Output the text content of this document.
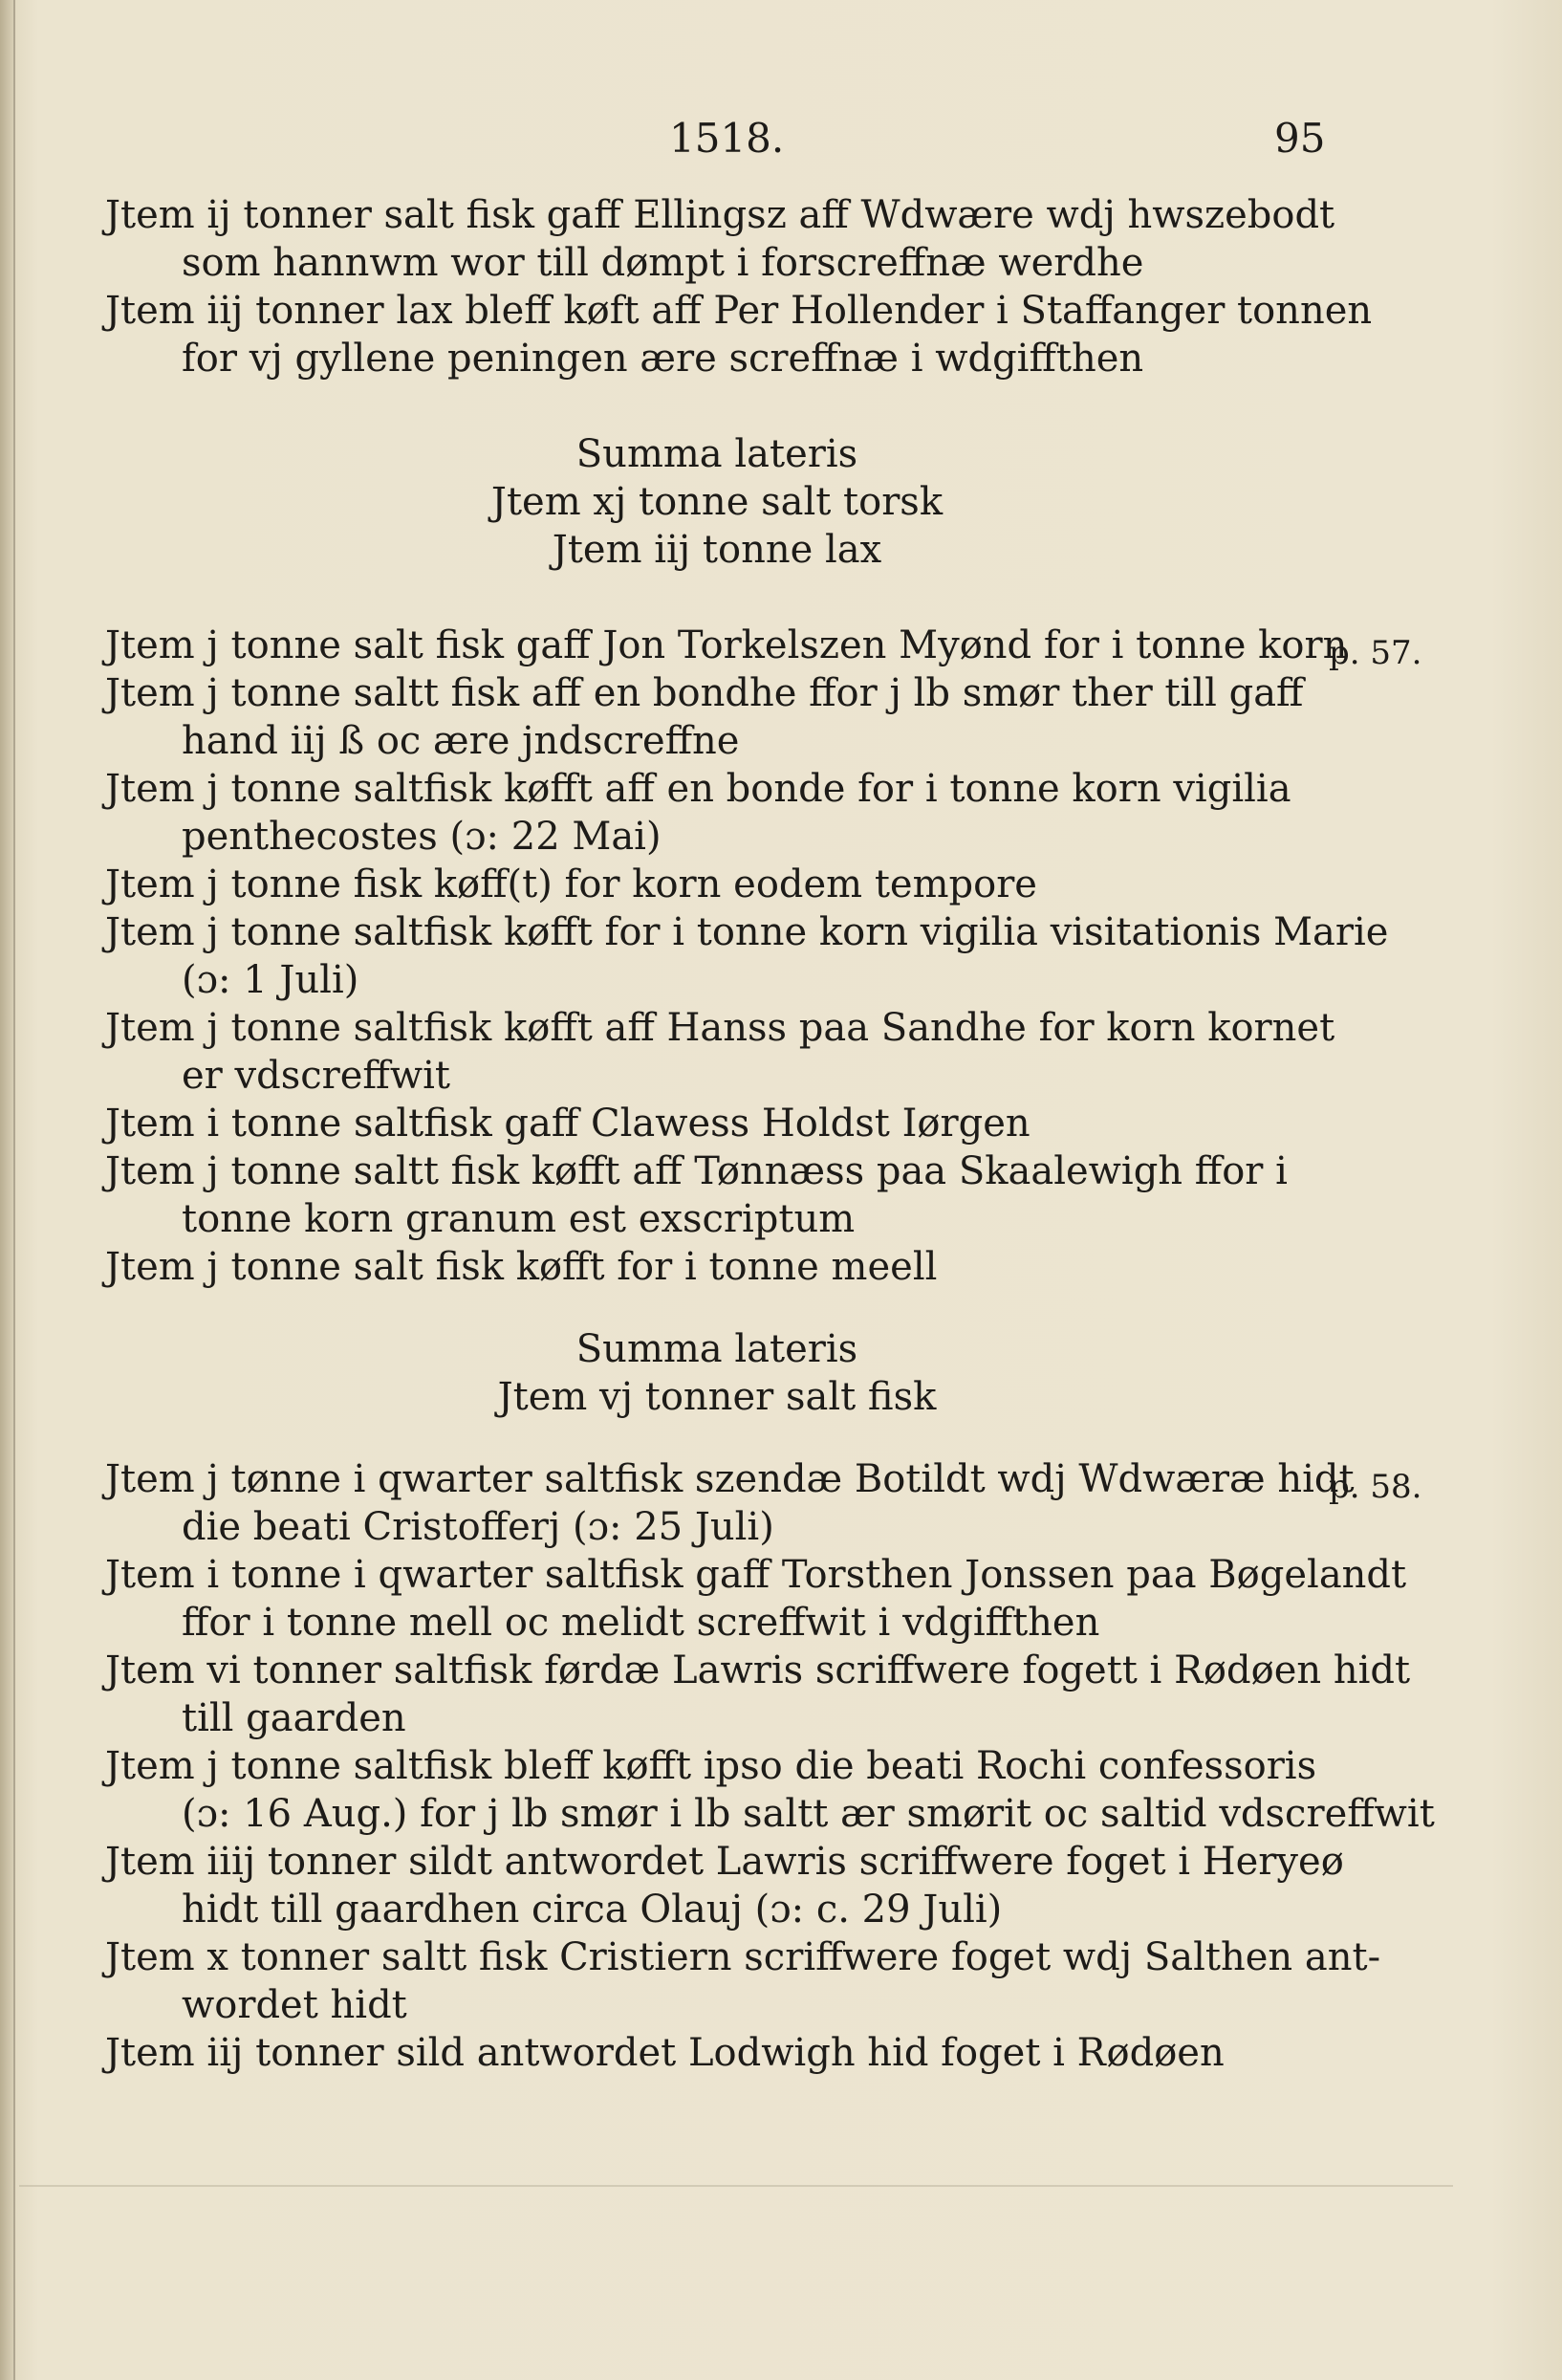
1518.	95
Jtem ij tonner salt fisk gaff Ellingsz aff Wdwære wdj hwszebodt
som hannwm wor till dømpt i forscreffnæ werdhe
Jtem iij tonner lax bleff køft aff Per Hollender i Staffanger tonnen
for vj gyllene peningen ære screffnæ i wdgiffthen
Summa lateris
Jtem xj tonne salt torsk
Jtem iij tonne lax
Jtem j tonne salt fisk gaff Jon Torkelszen Myønd for i tonne korn
p. 57.
Jtem j tonne saltt fisk aff en bondhe ffor j lb smør ther till gaff
hand iij ß oc ære jndscreffne
Jtem j tonne saltfisk køfft aff en bonde for i tonne korn vigilia
penthecostes (ɔ: 22 Mai)
Jtem j tonne fisk køff(t) for korn eodem tempore
Jtem j tonne saltfisk køfft for i tonne korn vigilia visitationis Marie
(ɔ: 1 Juli)
Jtem j tonne saltfisk køfft aff Hanss paa Sandhe for korn kornet
er vdscreffwit
Jtem i tonne saltfisk gaff Clawess Holdst Iørgen
Jtem j tonne saltt fisk køfft aff Tønnæss paa Skaalewigh ffor i
tonne korn granum est exscriptum
Jtem j tonne salt fisk køfft for i tonne meell
Summa lateris
Jtem vj tonner salt fisk
Jtem j tønne i qwarter saltfisk szendæ Botildt wdj Wdwæræ hidt
die beati Cristofferj (ɔ: 25 Juli)
p. 58.
Jtem i tonne i qwarter saltfisk gaff Torsthen Jonssen paa Bøgelandt
ffor i tonne mell oc melidt screffwit i vdgiffthen
Jtem vi tonner saltfisk førdæ Lawris scriffwere fogett i Rødøen hidt
till gaarden
Jtem j tonne saltfisk bleff køfft ipso die beati Rochi confessoris
(ɔ: 16 Aug.) for j lb smør i lb saltt ær smørit oc saltid vdscreffwit
Jtem iiij tonner sildt antwordet Lawris scriffwere foget i Heryeø
hidt till gaardhen circa Olauj (ɔ: c. 29 Juli)
Jtem x tonner saltt fisk Cristiern scriffwere foget wdj Salthen ant-
wordet hidt
Jtem iij tonner sild antwordet Lodwigh hid foget i Rødøen
